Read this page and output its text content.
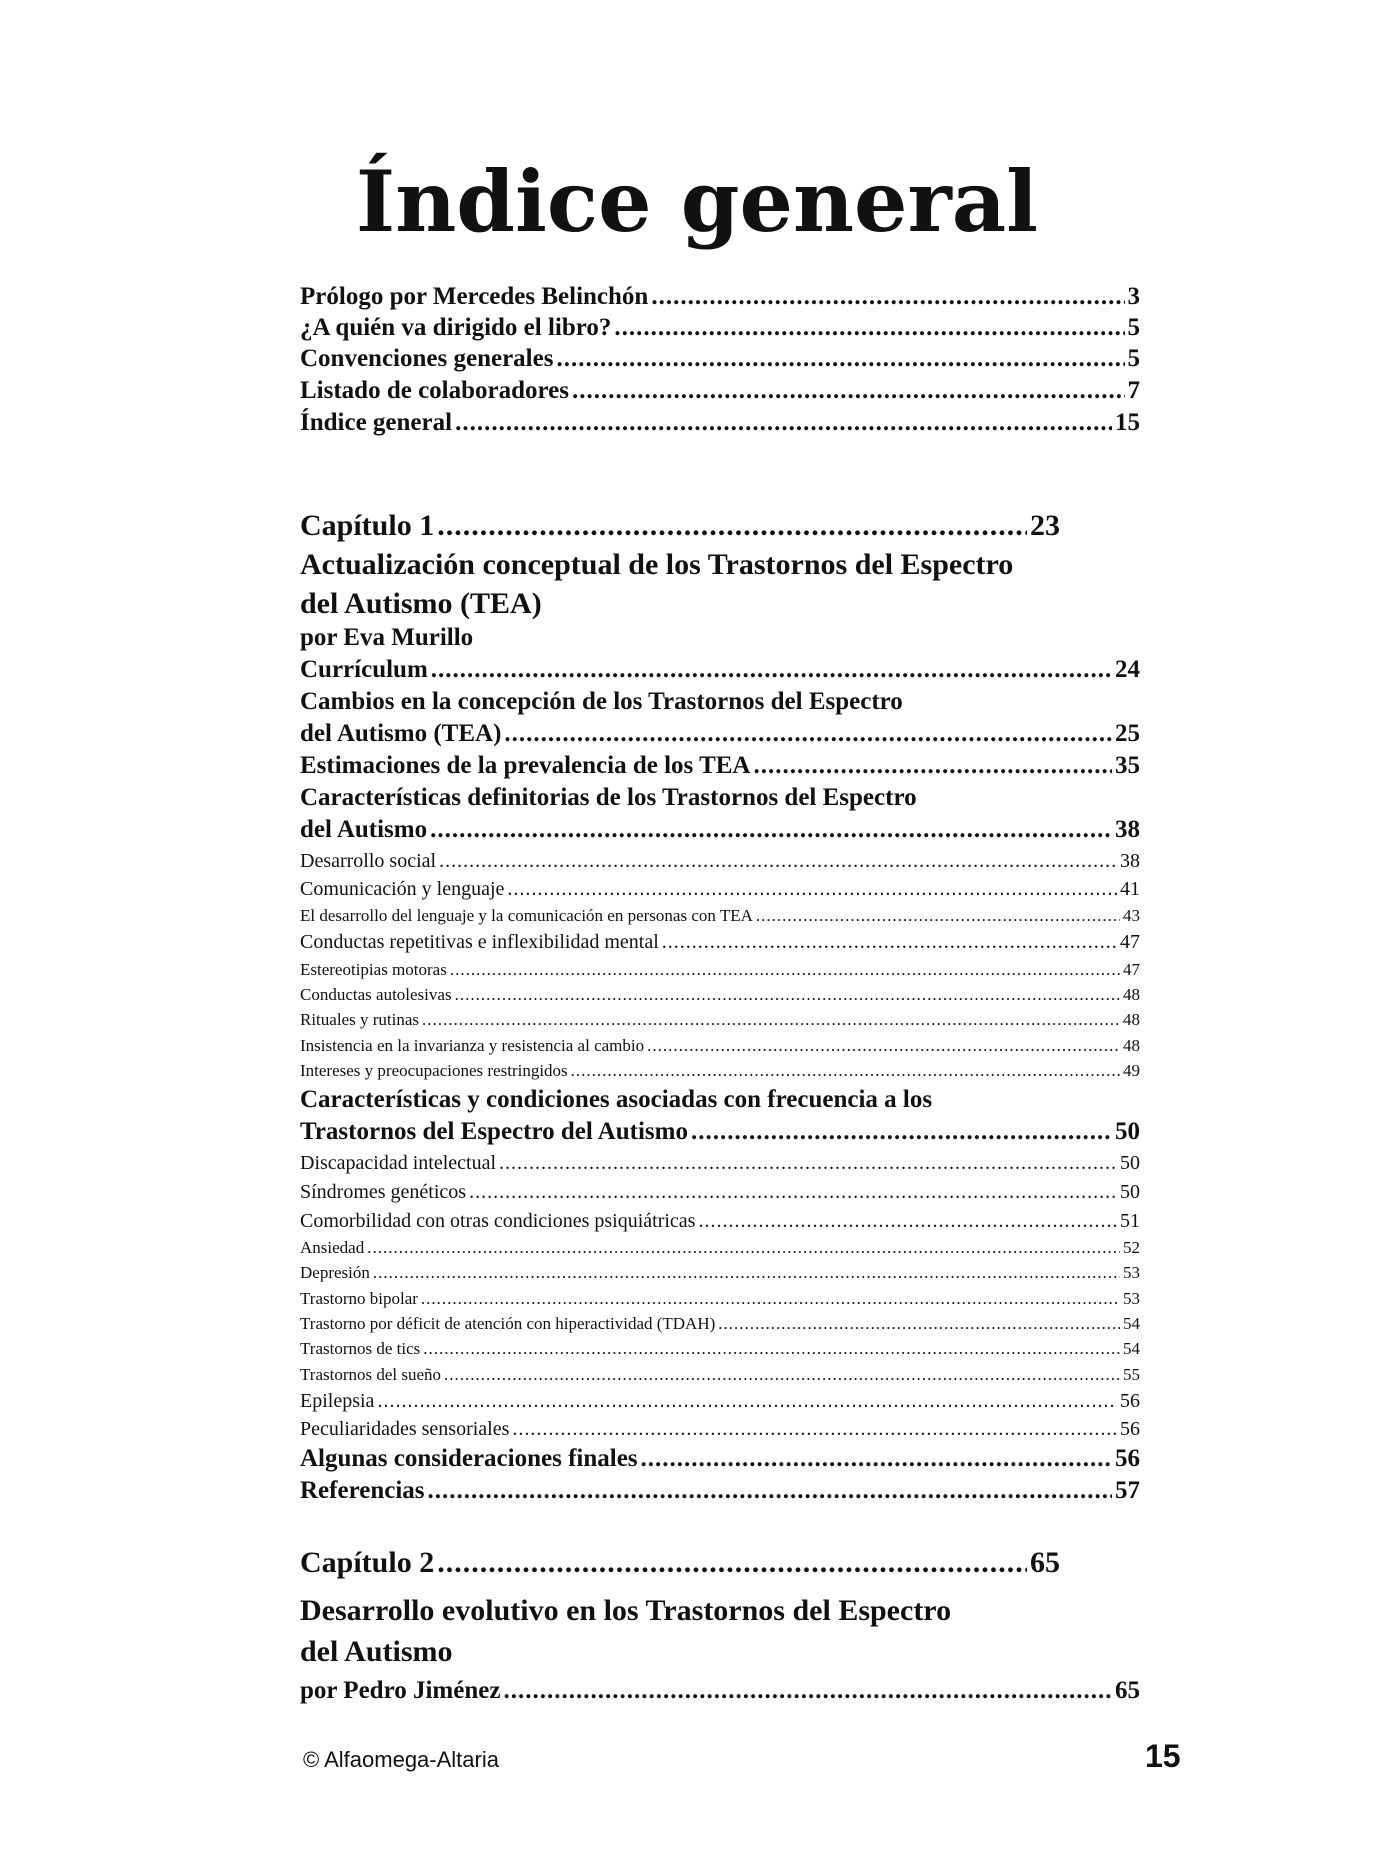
Índice general
Prólogo por Mercedes Belinchón .....	3
¿A quién va dirigido el libro? .....	5
Convenciones generales .....	5
Listado de colaboradores .....	7
Índice general .....	15
Capítulo 1 .....	23
Actualización conceptual de los Trastornos del Espectro
del Autismo (TEA)
por Eva Murillo
Currículum .....	24
Cambios en la concepción de los Trastornos del Espectro
del Autismo (TEA) .....	25
Estimaciones de la prevalencia de los TEA .....	35
Características definitorias de los Trastornos del Espectro
del Autismo .....	38
Desarrollo social .....	38
Comunicación y lenguaje .....	41
El desarrollo del lenguaje y la comunicación en personas con TEA .....	43
Conductas repetitivas e inflexibilidad mental .....	47
Estereotipias motoras .....	47
Conductas autolesivas .....	48
Rituales y rutinas .....	48
Insistencia en la invarianza y resistencia al cambio .....	48
Intereses y preocupaciones restringidos .....	49
Características y condiciones asociadas con frecuencia a los
Trastornos del Espectro del Autismo .....	50
Discapacidad intelectual .....	50
Síndromes genéticos .....	50
Comorbilidad con otras condiciones psiquiátricas .....	51
Ansiedad .....	52
Depresión .....	53
Trastorno bipolar .....	53
Trastorno por déficit de atención con hiperactividad (TDAH) .....	54
Trastornos de tics .....	54
Trastornos del sueño .....	55
Epilepsia .....	56
Peculiaridades sensoriales .....	56
Algunas consideraciones finales .....	56
Referencias .....	57
Capítulo 2 .....	65
Desarrollo evolutivo en los Trastornos del Espectro
del Autismo
por Pedro Jiménez .....	65
© Alfaomega-Altaria	15
